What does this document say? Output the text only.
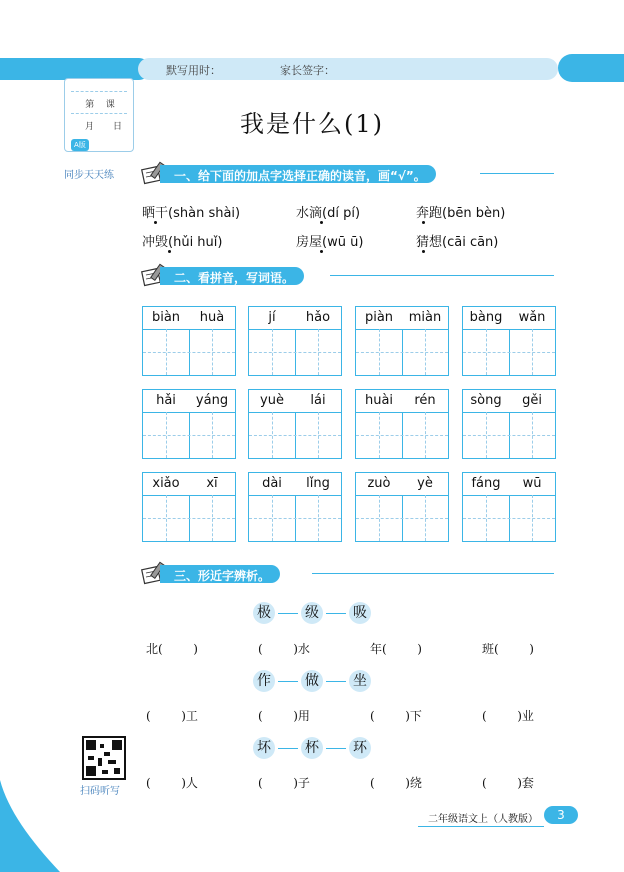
默写用时：	家长签字：
第 课
月 日
A版
同步天天练
我是什么(1)
一、给下面的加点字选择正确的读音，画“√”。
晒干(shàn shài)	水滴(dí pí)	奔跑(bēn bèn)
冲毁(hǔi huǐ)	房屋(wū ū)	猜想(cāi cān)
二、看拼音，写词语。
biàn	huà	jí	hǎo	piàn	miàn	bàng	wǎn
hǎi	yáng	yuè	lái	huài	rén	sòng	gěi
xiǎo	xī	dài	lǐng	zuò	yè	fáng	wū
三、形近字辨析。
极 级 吸
北(        )	(        )水	年(        )	班(        )
作 做 坐
(        )工	(        )用	(        )下	(        )业
坏 杯 环
(        )人	(        )子	(        )绕	(        )套
扫码听写
二年级语文上（人教版）	3
